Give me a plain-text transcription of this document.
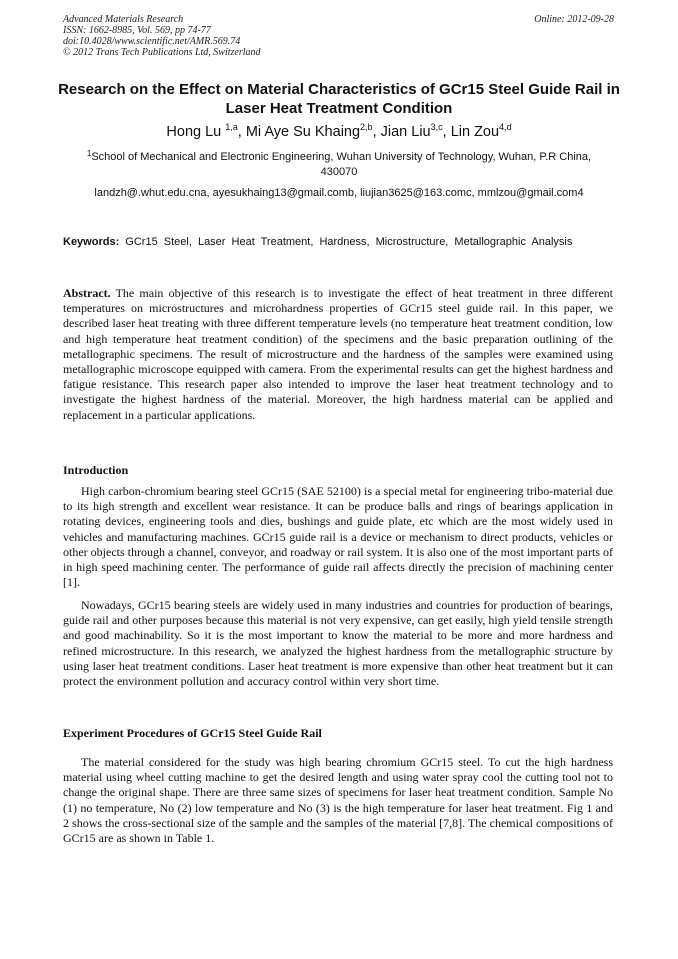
Advanced Materials Research
ISSN: 1662-8985, Vol. 569, pp 74-77
doi:10.4028/www.scientific.net/AMR.569.74
© 2012 Trans Tech Publications Ltd, Switzerland
Online: 2012-09-28
Research on the Effect on Material Characteristics of GCr15 Steel Guide Rail in Laser Heat Treatment Condition
Hong Lu $^{1,a}$, Mi Aye Su Khaing$^{2,b}$, Jian Liu$^{3,c}$, Lin Zou$^{4,d}$
$^1$School of Mechanical and Electronic Engineering, Wuhan University of Technology, Wuhan, P.R China, 430070
landzh@.whut.edu.cna, ayesukhaing13@gmail.comb, liujian3625@163.comc, mmlzou@gmail.com4
Keywords: GCr15 Steel, Laser Heat Treatment, Hardness, Microstructure, Metallographic Analysis
Abstract. The main objective of this research is to investigate the effect of heat treatment in three different temperatures on microstructures and microhardness properties of GCr15 steel guide rail. In this paper, we described laser heat treating with three different temperature levels (no temperature heat treatment condition, low and high temperature heat treatment condition) of the specimens and the basic preparation outlining of the metallographic specimens. The result of microstructure and the hardness of the samples were examined using metallographic microscope equipped with camera. From the experimental results can get the highest hardness and fatigue resistance. This research paper also intended to improve the laser heat treatment technology and to investigate the highest hardness of the material. Moreover, the high hardness material can be applied and replacement in a particular applications.
Introduction
High carbon-chromium bearing steel GCr15 (SAE 52100) is a special metal for engineering tribo-material due to its high strength and excellent wear resistance. It can be produce balls and rings of bearings application in rotating devices, engineering tools and dies, bushings and guide plate, etc which are the most widely used in vehicles and manufacturing machines. GCr15 guide rail is a device or mechanism to direct products, vehicles or other objects through a channel, conveyor, and roadway or rail system. It is also one of the most important parts of in high speed machining center. The performance of guide rail affects directly the precision of machining center [1].
Nowadays, GCr15 bearing steels are widely used in many industries and countries for production of bearings, guide rail and other purposes because this material is not very expensive, can get easily, high yield tensile strength and good machinability. So it is the most important to know the material to be more and more hardness and refined microstructure. In this research, we analyzed the highest hardness from the metallographic structure by using laser heat treatment conditions. Laser heat treatment is more expensive than other heat treatment but it can protect the environment pollution and accuracy control within very short time.
Experiment Procedures of GCr15 Steel Guide Rail
The material considered for the study was high bearing chromium GCr15 steel. To cut the high hardness material using wheel cutting machine to get the desired length and using water spray cool the cutting tool not to change the original shape. There are three same sizes of specimens for laser heat treatment condition. Sample No (1) no temperature, No (2) low temperature and No (3) is the high temperature for laser heat treatment. Fig 1 and 2 shows the cross-sectional size of the sample and the samples of the material [7,8]. The chemical compositions of GCr15 are as shown in Table 1.
